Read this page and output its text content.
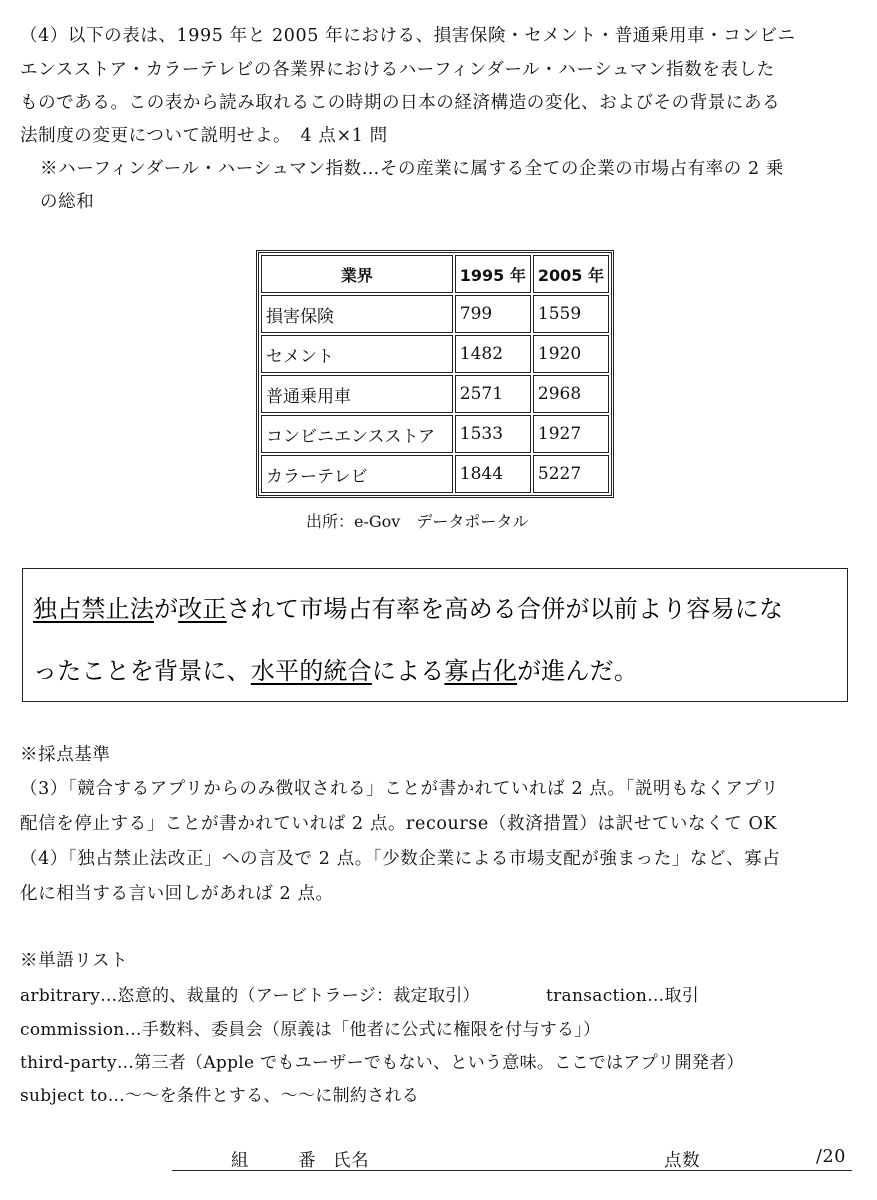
（4）以下の表は、1995 年と 2005 年における、損害保険・セメント・普通乗用車・コンビニ
エンスストア・カラーテレビの各業界におけるハーフィンダール・ハーシュマン指数を表した
ものである。この表から読み取れるこの時期の日本の経済構造の変化、およびその背景にある
法制度の変更について説明せよ。　4 点×1 問
※ハーフィンダール・ハーシュマン指数…その産業に属する全ての企業の市場占有率の 2 乗
の総和
業界	1995 年	2005 年
損害保険	799	1559
セメント	1482	1920
普通乗用車	2571	2968
コンビニエンスストア	1533	1927
カラーテレビ	1844	5227
出所：e-Gov　データポータル
独占禁止法が改正されて市場占有率を高める合併が以前より容易にな
ったことを背景に、水平的統合による寡占化が進んだ。
※採点基準
（3）「競合するアプリからのみ徴収される」ことが書かれていれば 2 点。「説明もなくアプリ
配信を停止する」ことが書かれていれば 2 点。recourse（救済措置）は訳せていなくて OK
（4）「独占禁止法改正」への言及で 2 点。「少数企業による市場支配が強まった」など、寡占
化に相当する言い回しがあれば 2 点。
※単語リスト
arbitrary…恣意的、裁量的（アービトラージ：裁定取引）	transaction…取引
commission…手数料、委員会（原義は「他者に公式に権限を付与する」）
third-party…第三者（Apple でもユーザーでもない、という意味。ここではアプリ開発者）
subject to…～～を条件とする、～～に制約される
組	番 氏名	点数	/20
